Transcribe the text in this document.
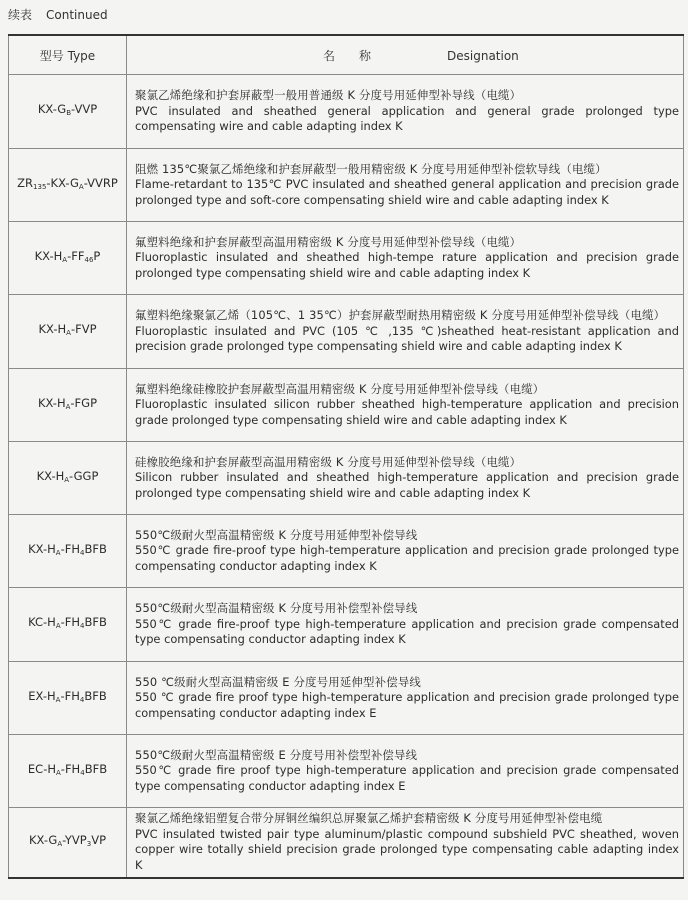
续表 Continued
型号 Type	名　　称 Designation
$KX-G_B$-VVP	聚氯乙烯绝缘和护套屏蔽型一般用普通级 K 分度号用延伸型补导线（电缆）
PVC insulated and sheathed general application and general grade prolonged type compensating wire and cable adapting index K

$ZR_{135}-KX-G_A$-VVRP	阻燃 135℃聚氯乙烯绝缘和护套屏蔽型一般用精密级 K 分度号用延伸型补偿软导线（电缆）
Flame-retardant to 135℃ PVC insulated and sheathed general application and precision grade prolonged type and soft-core compensating shield wire and cable adapting index K

$KX-H_A-FF_{46}P$	氟塑料绝缘和护套屏蔽型高温用精密级 K 分度号用延伸型补偿导线（电缆）
Fluoroplastic insulated and sheathed high-tempe rature application and precision grade prolonged type compensating shield wire and cable adapting index K

$KX-H_A$-FVP	氟塑料绝缘聚氯乙烯（105℃、1 35℃）护套屏蔽型耐热用精密级 K 分度号用延伸型补偿导线（电缆）
Fluoroplastic insulated and PVC (105 ℃ ,135 ℃)sheathed heat-resistant application and precision grade prolonged type compensating shield wire and cable adapting index K

$KX-H_A$-FGP	氟塑料绝缘硅橡胶护套屏蔽型高温用精密级 K 分度号用延伸型补偿导线（电缆）
Fluoroplastic insulated silicon rubber sheathed high-temperature application and precision grade prolonged type compensating shield wire and cable adapting index K

$KX-H_A$-GGP	硅橡胶绝缘和护套屏蔽型高温用精密级 K 分度号用延伸型补偿导线（电缆）
Silicon rubber insulated and sheathed high-temperature application and precision grade prolonged type compensating shield wire and cable adapting index K

$KX-H_A-FH_4BFB$	550℃级耐火型高温精密级 K 分度号用延伸型补偿导线
550℃ grade fire-proof type high-temperature application and precision grade prolonged type compensating conductor adapting index K

$KC-H_A-FH_4BFB$	550℃级耐火型高温精密级 K 分度号用补偿型补偿导线
550℃ grade fire-proof type high-temperature application and precision grade compensated type compensating conductor adapting index K

$EX-H_A-FH_4BFB$	550 ℃级耐火型高温精密级 E 分度号用延伸型补偿导线
550 ℃ grade fire proof type high-temperature application and precision grade prolonged type compensating conductor adapting index E

$EC-H_A-FH_4BFB$	550℃级耐火型高温精密级 E 分度号用补偿型补偿导线
550℃ grade fire proof type high-temperature application and precision grade compensated type compensating conductor adapting index E

$KX-G_A-YVP_3VP$	聚氯乙烯绝缘铝塑复合带分屏铜丝编织总屏聚氯乙烯护套精密级 K 分度号用延伸型补偿电缆
PVC insulated twisted pair type aluminum/plastic compound subshield PVC sheathed, woven copper wire totally shield precision grade prolonged type compensating cable adapting index K
